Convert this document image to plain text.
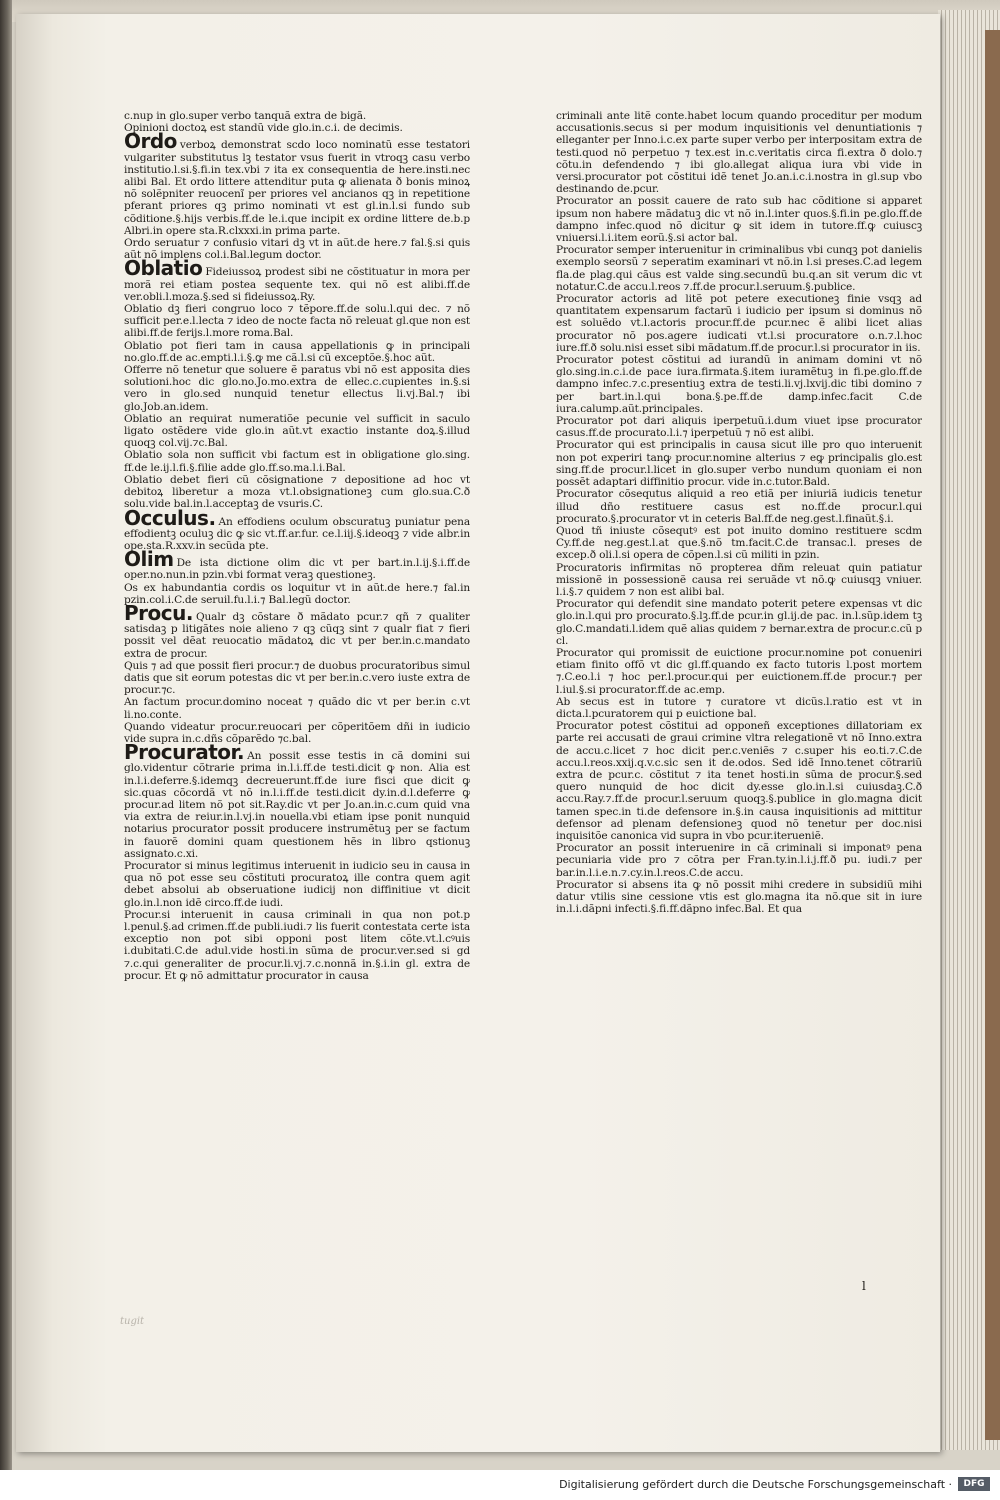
c.nup in glo.super verbo tanquã extra de bigã.

Opinioni doctoꝝ est standũ vide glo.in.c.i. de decimis.

Ordo verboꝝ demonstrat scdo loco nominatũ esse testatori vulgariter substitutus lꝫ testator vsus fuerit in vtroqꝫ casu verbo institutio.l.si.§.fi.in tex.vbi ⁊ ita ex consequentia de here.insti.nec alibi Bal. Et ordo littere attenditur puta ꝙ alienata ð bonis minoꝝ nõ solẽpniter reuocenĩ per priores vel ancianos qꝫ in repetitione pferant priores qꝫ primo nominati vt est gl.in.l.si fundo sub cõditione.§.hijs verbis.ff.de le.i.que incipit ex ordine littere de.b.p Albri.in opere sta.R.clxxxi.in prima parte.

Ordo seruatur ⁊ confusio vitari dꝫ vt in aũt.de here.⁊ fal.§.si quis aũt nõ implens col.i.Bal.legum doctor.

Oblatio Fideiussoꝝ prodest sibi ne cõstituatur in mora per morã rei etiam postea sequente tex. qui nõ est alibi.ff.de ver.obli.l.moza.§.sed si fideiussoꝝ.Ry.

Oblatio dꝫ fieri congruo loco ⁊ tẽpore.ff.de solu.l.qui dec. ⁊ nõ sufficit per.e.l.lecta ⁊ ideo de nocte facta nõ releuat gl.que non est alibi.ff.de ferijs.l.more roma.Bal.

Oblatio pot fieri tam in causa appellationis ꝙ in principali no.glo.ff.de ac.empti.l.i.§.ꝙ me cã.l.si cũ exceptõe.§.hoc aũt.

Offerre nõ tenetur que soluere ẽ paratus vbi nõ est apposita dies solutioni.hoc dic glo.no.Jo.mo.extra de ellec.c.cupientes in.§.si vero in glo.sed nunquid tenetur ellectus li.vj.Bal.⁊ ibi glo.Job.an.idem.

Oblatio an requirat numeratiõe pecunie vel sufficit in saculo ligato ostẽdere vide glo.in aũt.vt exactio instante doꝝ.§.illud quoqꝫ col.vij.⁊c.Bal.

Oblatio sola non sufficit vbi factum est in obligatione glo.sing. ff.de le.ij.l.fi.§.filie adde glo.ff.so.ma.l.i.Bal.

Oblatio debet fieri cũ cõsignatione ⁊ depositione ad hoc vt debitoꝝ liberetur a moza vt.l.obsignationeꝫ cum glo.sua.C.ð solu.vide bal.in.l.acceptaꝫ de vsuris.C.

Occulus. An effodiens oculum obscuratuꝫ puniatur pena effodientꝫ oculuꝫ dic ꝙ sic vt.ff.ar.fur. ce.l.iij.§.ideoqꝫ ⁊ vide albr.in ope.sta.R.xxv.in secũda pte.

Olim De ista dictione olim dic vt per bart.in.l.ij.§.i.ff.de oper.no.nun.in pzin.vbi format veraꝫ questioneꝫ.

Os ex habundantia cordis os loquitur vt in aũt.de here.⁊ fal.in pzin.col.i.C.de seruil.fu.l.i.⁊ Bal.legũ doctor.

Procu. Qualr dꝫ cõstare ð mãdato pcur.⁊ qñ ⁊ qualiter satisdaꝫ p litigãtes noie alieno ⁊ qꝫ cũqꝫ sint ⁊ qualr fiat ⁊ fieri possit vel dẽat reuocatio mãdatoꝝ dic vt per ber.in.c.mandato extra de procur.

Quis ⁊ ad que possit fieri procur.⁊ de duobus procuratoribus simul datis que sit eorum potestas dic vt per ber.in.c.vero iuste extra de procur.⁊c.

An factum procur.domino noceat ⁊ quãdo dic vt per ber.in c.vt li.no.conte.

Quando videatur procur.reuocari per cõperitõem dñi in iudicio vide supra in.c.dñs cõparẽdo ⁊c.bal.

Procurator. An possit esse testis in cã domini sui glo.videntur cõtrarie prima in.l.i.ff.de testi.dicit ꝙ non. Alia est in.l.i.deferre.§.idemqꝫ decreuerunt.ff.de iure fisci que dicit ꝙ sic.quas cõcordã vt nõ in.l.i.ff.de testi.dicit dy.in.d.l.deferre ꝙ procur.ad litem nõ pot sit.Ray.dic vt per Jo.an.in.c.cum quid vna via extra de reiur.in.l.vj.in nouella.vbi etiam ipse ponit nunquid notarius procurator possit producere instrumẽtuꝫ per se factum in fauorẽ domini quam questionem hẽs in libro qstionuꝫ assignato.c.xi.

Procurator si minus legitimus interuenit in iudicio seu in causa in qua nõ pot esse seu cõstituti procuratoꝝ ille contra quem agit debet absolui ab obseruatione iudicij non diffinitiue vt dicit glo.in.l.non idẽ circo.ff.de iudi.

Procur.si interuenit in causa criminali in qua non pot.p l.penul.§.ad crimen.ff.de publi.iudi.⁊ lis fuerit contestata certe ista exceptio non pot sibi opponi post litem cõte.vt.l.cꝰuis i.dubitati.C.de adul.vide hosti.in sũma de procur.ver.sed si gd ⁊.c.qui generaliter de procur.li.vj.⁊.c.nonnã in.§.i.in gl. extra de procur. Et ꝙ nõ admittatur procurator in causa

criminali ante litẽ conte.habet locum quando proceditur per modum accusationis.secus si per modum inquisitionis vel denuntiationis ⁊ elleganter per Inno.i.c.ex parte super verbo per interpositam extra de testi.quod nõ perpetuo ⁊ tex.est in.c.veritatis circa fi.extra ð dolo.⁊ cõtu.in defendendo ⁊ ibi glo.allegat aliqua iura vbi vide in versi.procurator pot cõstitui idẽ tenet Jo.an.i.c.i.nostra in gl.sup vbo destinando de.pcur.

Procurator an possit cauere de rato sub hac cõditione si apparet ipsum non habere mãdatuꝫ dic vt nõ in.l.inter quos.§.fi.in pe.glo.ff.de dampno infec.quod nõ dicitur ꝙ sit idem in tutore.ff.ꝙ cuiuscꝫ vniuersi.l.i.item eorũ.§.si actor bal.

Procurator semper interuenitur in criminalibus vbi cunqꝫ pot danielis exemplo seorsũ ⁊ seperatim examinari vt nõ.in l.si preses.C.ad legem fla.de plag.qui cãus est valde sing.secundũ bu.q.an sit verum dic vt notatur.C.de accu.l.reos ⁊.ff.de procur.l.seruum.§.publice.

Procurator actoris ad litẽ pot petere executioneꝫ finie vsqꝫ ad quantitatem expensarum factarũ i iudicio per ipsum si dominus nõ est soluẽdo vt.l.actoris procur.ff.de pcur.nec ẽ alibi licet alias procurator nõ pos.agere iudicati vt.l.si procuratore o.n.⁊.l.hoc iure.ff.ð solu.nisi esset sibi mãdatum.ff.de procur.l.si procurator in iis.

Procurator potest cõstitui ad iurandũ in animam domini vt nõ glo.sing.in.c.i.de pace iura.firmata.§.item iuramẽtuꝫ in fi.pe.glo.ff.de dampno infec.⁊.c.presentiuꝫ extra de testi.li.vj.lxvij.dic tibi domino ⁊ per bart.in.l.qui bona.§.pe.ff.de damp.infec.facit C.de iura.calump.aũt.principales.

Procurator pot dari aliquis iperpetuũ.i.dum viuet ipse procurator casus.ff.de procurato.l.i.⁊ iperpetuũ ⁊ nõ est alibi.

Procurator qui est principalis in causa sicut ille pro quo interuenit non pot experiri tanꝙ procur.nomine alterius ⁊ eꝙ principalis glo.est sing.ff.de procur.l.licet in glo.super verbo nundum quoniam ei non possẽt adaptari diffinitio procur. vide in.c.tutor.Bald.

Procurator cõsequtus aliquid a reo etiã per iniuriã iudicis tenetur illud dño restituere casus est no.ff.de procur.l.qui procurato.§.procurator vt in ceteris Bal.ff.de neg.gest.l.finaũt.§.i.

Quod tñ iniuste cõsequtꝰ est pot inuito domino restituere scdm Cy.ff.de neg.gest.l.at que.§.nõ tm.facit.C.de transac.l. preses de excep.ð oli.l.si opera de cõpen.l.si cũ militi in pzin.

Procuratoris infirmitas nõ propterea dñm releuat quin patiatur missionẽ in possessionẽ causa rei seruãde vt nõ.ꝙ cuiusqꝫ vniuer. l.i.§.⁊ quidem ⁊ non est alibi bal.

Procurator qui defendit sine mandato poterit petere expensas vt dic glo.in.l.qui pro procurato.§.lꝫ.ff.de pcur.in gl.ij.de pac. in.l.sũp.idem tꝫ glo.C.mandati.l.idem quẽ alias quidem ⁊ bernar.extra de procur.c.cũ p cl.

Procurator qui promissit de euictione procur.nomine pot conueniri etiam finito offõ vt dic gl.ff.quando ex facto tutoris l.post mortem ⁊.C.eo.l.i ⁊ hoc per.l.procur.qui per euictionem.ff.de procur.⁊ per l.iul.§.si procurator.ff.de ac.emp.

Ab secus est in tutore ⁊ curatore vt dicũs.l.ratio est vt in dicta.l.pcuratorem qui p euictione bal.

Procurator potest cõstitui ad opponeñ exceptiones dillatoriam ex parte rei accusati de graui crimine vltra relegationẽ vt nõ Inno.extra de accu.c.licet ⁊ hoc dicit per.c.veniẽs ⁊ c.super his eo.ti.⁊.C.de accu.l.reos.xxij.q.v.c.sic sen it de.odos. Sed idẽ Inno.tenet cõtrariũ extra de pcur.c. cõstitut ⁊ ita tenet hosti.in sũma de procur.§.sed quero nunquid de hoc dicit dy.esse glo.in.l.si cuiusdaꝫ.C.ð accu.Ray.⁊.ff.de procur.l.seruum quoqꝫ.§.publice in glo.magna dicit tamen spec.in ti.de defensore in.§.in causa inquisitionis ad mittitur defensor ad plenam defensioneꝫ quod nõ tenetur per doc.nisi inquisitõe canonica vid supra in vbo pcur.iterueniẽ.

Procurator an possit interuenire in cã criminali si imponatꝰ pena pecuniaria vide pro ⁊ cõtra per Fran.ty.in.l.i.j.ff.ð pu. iudi.⁊ per bar.in.l.i.e.n.⁊.cy.in.l.reos.C.de accu.

Procurator si absens ita ꝙ nõ possit mihi credere in subsidiũ mihi datur vtilis sine cessione vtis est glo.magna ita nõ.que sit in iure in.l.i.dãpni infecti.§.fi.ff.dãpno infec.Bal. Et qua

l
tugit
Digitalisierung gefördert durch die Deutsche Forschungsgemeinschaft ·	DFG
